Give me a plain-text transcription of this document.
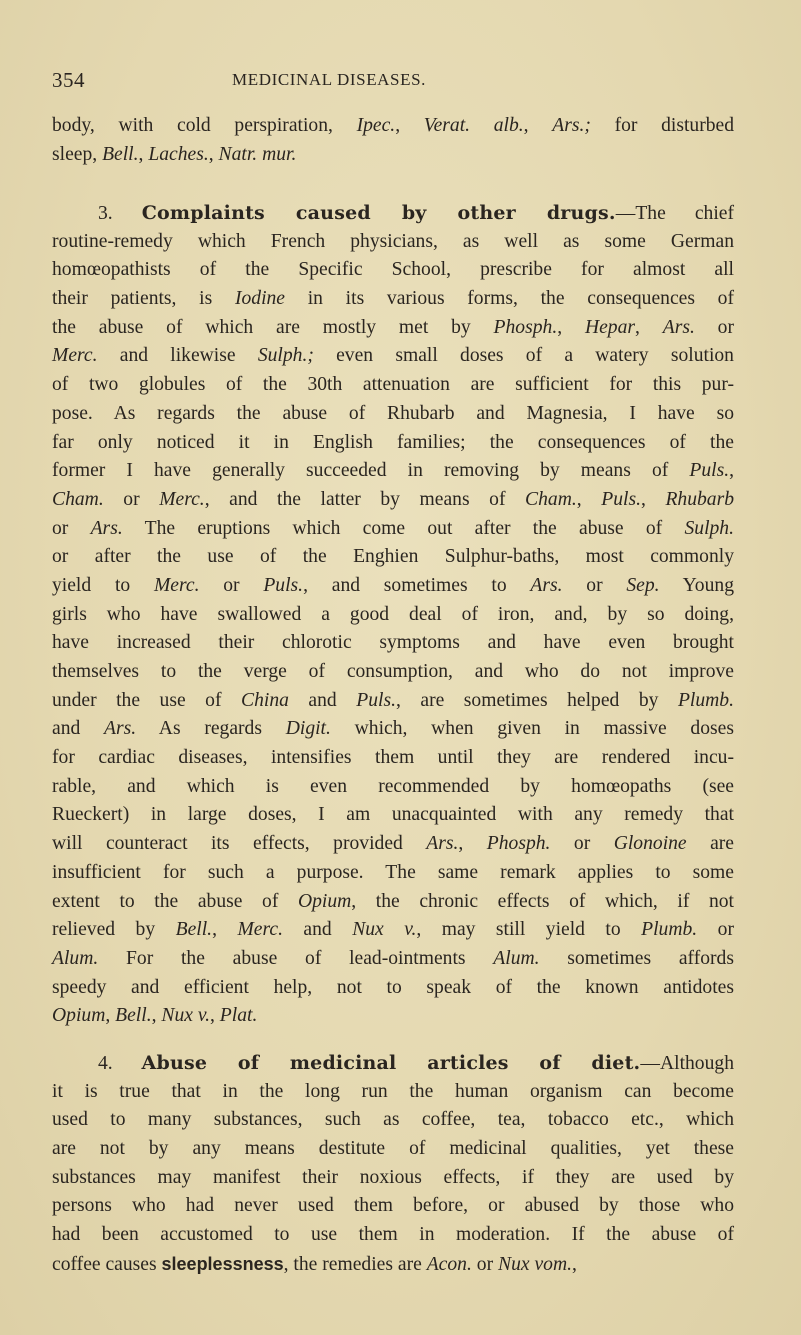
354	MEDICINAL DISEASES.
body, with cold perspiration, Ipec., Verat. alb., Ars.; for disturbed
sleep, Bell., Laches., Natr. mur.
3. Complaints caused by other drugs.—The chief
routine-remedy which French physicians, as well as some German
homœopathists of the Specific School, prescribe for almost all
their patients, is Iodine in its various forms, the consequences of
the abuse of which are mostly met by Phosph., Hepar, Ars. or
Merc. and likewise Sulph.; even small doses of a watery solution
of two globules of the 30th attenuation are sufficient for this pur-
pose. As regards the abuse of Rhubarb and Magnesia, I have so
far only noticed it in English families; the consequences of the
former I have generally succeeded in removing by means of Puls.,
Cham. or Merc., and the latter by means of Cham., Puls., Rhubarb
or Ars. The eruptions which come out after the abuse of Sulph.
or after the use of the Enghien Sulphur-baths, most commonly
yield to Merc. or Puls., and sometimes to Ars. or Sep. Young
girls who have swallowed a good deal of iron, and, by so doing,
have increased their chlorotic symptoms and have even brought
themselves to the verge of consumption, and who do not improve
under the use of China and Puls., are sometimes helped by Plumb.
and Ars. As regards Digit. which, when given in massive doses
for cardiac diseases, intensifies them until they are rendered incu-
rable, and which is even recommended by homœopaths (see
Rueckert) in large doses, I am unacquainted with any remedy that
will counteract its effects, provided Ars., Phosph. or Glonoine are
insufficient for such a purpose. The same remark applies to some
extent to the abuse of Opium, the chronic effects of which, if not
relieved by Bell., Merc. and Nux v., may still yield to Plumb. or
Alum. For the abuse of lead-ointments Alum. sometimes affords
speedy and efficient help, not to speak of the known antidotes
Opium, Bell., Nux v., Plat.
4. Abuse of medicinal articles of diet.—Although
it is true that in the long run the human organism can become
used to many substances, such as coffee, tea, tobacco etc., which
are not by any means destitute of medicinal qualities, yet these
substances may manifest their noxious effects, if they are used by
persons who had never used them before, or abused by those who
had been accustomed to use them in moderation. If the abuse of
coffee causes sleeplessness, the remedies are Acon. or Nux vom.,
